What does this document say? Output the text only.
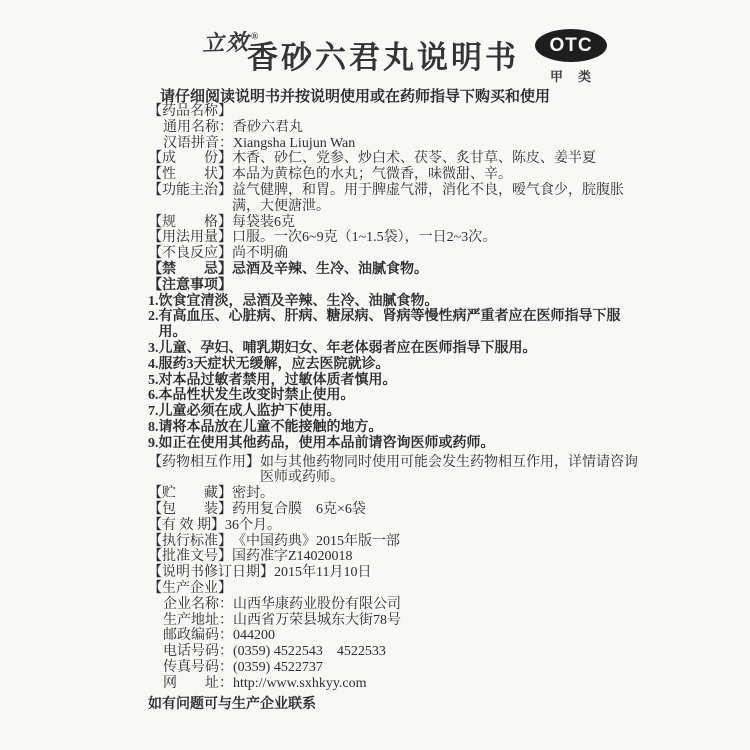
立效®
香砂六君丸说明书	OTC
甲　类
请仔细阅读说明书并按说明使用或在药师指导下购买和使用
【药品名称】
通用名称： 香砂六君丸
汉语拼音： Xiangsha Liujun Wan
【成　　份】 木香、砂仁、党参、炒白术、茯苓、炙甘草、陈皮、姜半夏
【性　　状】 本品为黄棕色的水丸；气微香，味微甜、辛。
【功能主治】 益气健脾，和胃。用于脾虚气滞，消化不良，嗳气食少，脘腹胀满，大便溏泄。
【规　　格】 每袋装6克
【用法用量】 口服。一次6~9克（1~1.5袋），一日2~3次。
【不良反应】 尚不明确
【禁　　忌】 忌酒及辛辣、生冷、油腻食物。
【注意事项】
1. 饮食宜清淡，忌酒及辛辣、生冷、油腻食物。
2. 有高血压、心脏病、肝病、糖尿病、肾病等慢性病严重者应在医师指导下服用。
3. 儿童、孕妇、哺乳期妇女、年老体弱者应在医师指导下服用。
4. 服药3天症状无缓解，应去医院就诊。
5. 对本品过敏者禁用，过敏体质者慎用。
6. 本品性状发生改变时禁止使用。
7. 儿童必须在成人监护下使用。
8. 请将本品放在儿童不能接触的地方。
9. 如正在使用其他药品，使用本品前请咨询医师或药师。
【药物相互作用】 如与其他药物同时使用可能会发生药物相互作用，详情请咨询医师或药师。
【贮　　藏】 密封。
【包　　装】 药用复合膜　6克×6袋
【有 效 期】 36个月。
【执行标准】 《中国药典》2015年版一部
【批准文号】 国药准字Z14020018
【说明书修订日期】 2015年11月10日
【生产企业】
企业名称： 山西华康药业股份有限公司
生产地址： 山西省万荣县城东大街78号
邮政编码： 044200
电话号码： (0359) 4522543　4522533
传真号码： (0359) 4522737
网　　址： http://www.sxhkyy.com
如有问题可与生产企业联系
